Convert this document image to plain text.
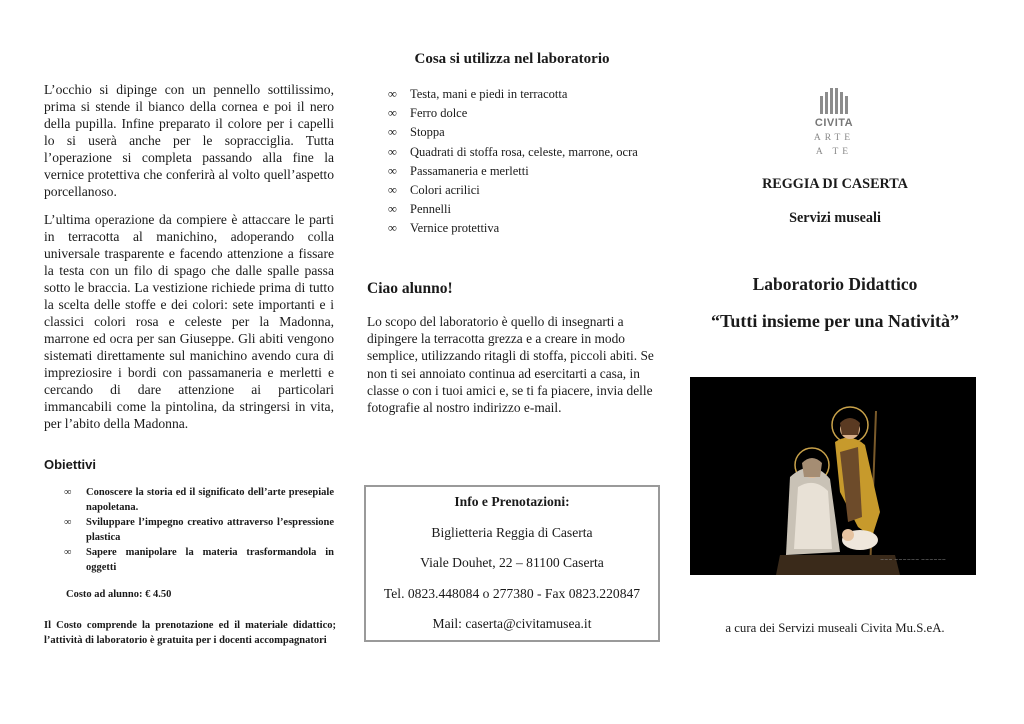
L’occhio si dipinge con un pennello sottilissimo, prima si stende il bianco della cornea e poi il nero della pupilla. Infine preparato il colore per i capelli lo si userà anche per le sopracciglia. Tutta l’operazione si completa passando alla fine la vernice protettiva che conferirà al volto quell’aspetto porcellanoso.

L’ultima operazione da compiere è attaccare le parti in terracotta al manichino, adoperando colla universale trasparente e facendo attenzione a fissare la testa con un filo di spago che dalle spalle passa sotto le braccia. La vestizione richiede prima di tutto la scelta delle stoffe e dei colori: sete importanti e i classici colori rosa e celeste per la Madonna, marrone ed ocra per san Giuseppe. Gli abiti vengono sistemati direttamente sul manichino avendo cura di impreziosire i bordi con passamaneria e merletti e cercando di dare attenzione ai particolari immancabili come la pintolina, da stringersi in vita, per l’abito della Madonna.

Obiettivi
∞ Conoscere la storia ed il significato dell’arte presepiale napoletana.
∞ Sviluppare l’impegno creativo attraverso l’espressione plastica
∞ Sapere manipolare la materia trasformandola in oggetti
Costo ad alunno: € 4.50
Il Costo comprende la prenotazione ed il materiale didattico; l’attività di laboratorio è gratuita per i docenti accompagnatori
Cosa si utilizza nel laboratorio
∞ Testa, mani e piedi in terracotta
∞ Ferro dolce
∞ Stoppa
∞ Quadrati di stoffa rosa, celeste, marrone, ocra
∞ Passamaneria e merletti
∞ Colori acrilici
∞ Pennelli
∞ Vernice protettiva
Ciao alunno!

Lo scopo del laboratorio è quello di insegnarti a dipingere la terracotta grezza e a creare in modo semplice, utilizzando ritagli di stoffa, piccoli abiti. Se non ti sei annoiato continua ad esercitarti a casa, in classe o con i tuoi amici e, se ti fa piacere, invia delle fotografie al nostro indirizzo e-mail.

Info e Prenotazioni:
Biglietteria Reggia di Caserta
Viale Douhet, 22 – 81100 Caserta
Tel. 0823.448084 o 277380 - Fax 0823.220847
Mail: caserta@civitamusea.it
CIVITA
ARTE
A TE
REGGIA DI CASERTA
Servizi museali
Laboratorio Didattico
“Tutti insieme per una Natività”
~~~ ~~~~~~ ~~~~~~
a cura dei Servizi museali Civita Mu.S.eA.
